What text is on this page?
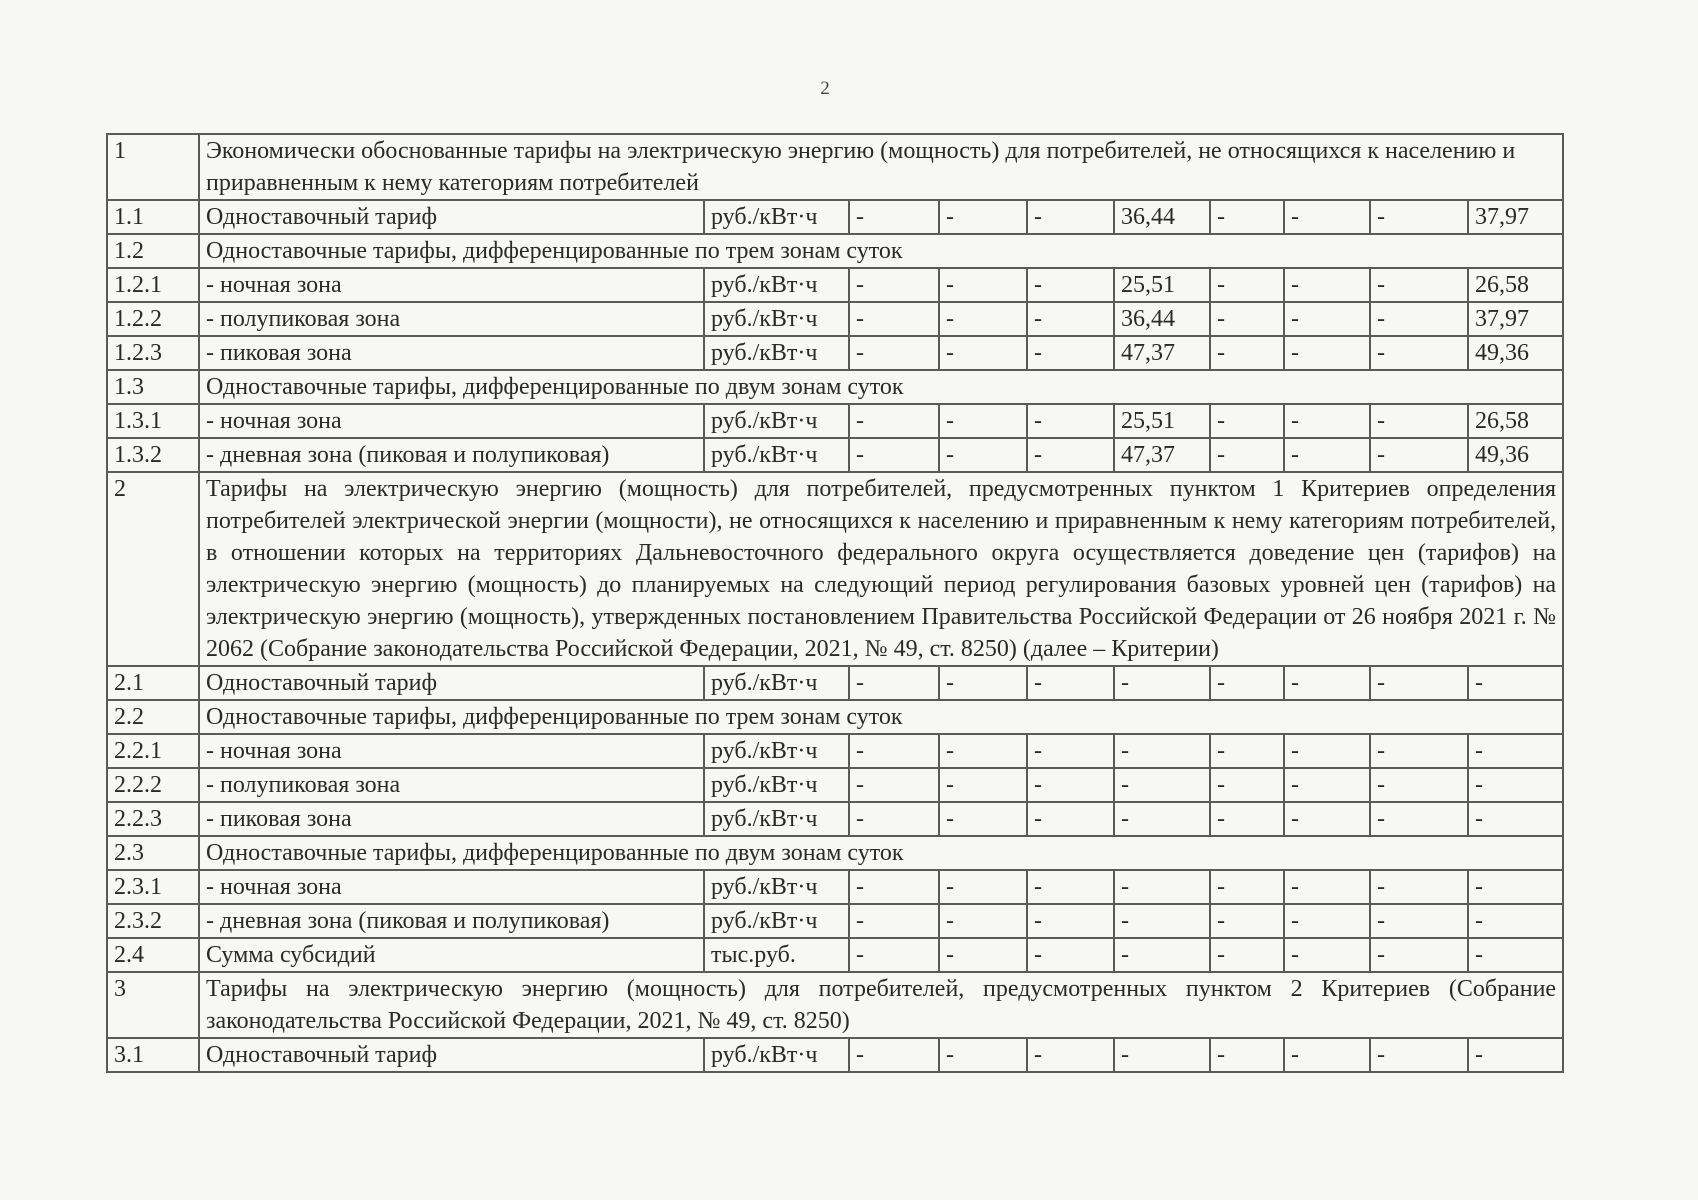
2
1	Экономически обоснованные тарифы на электрическую энергию (мощность) для потребителей, не относящихся к населению и приравненным к нему категориям потребителей									
1.1	Одноставочный тариф	руб./кВт·ч	-	-	-	36,44	-	-	-	37,97
1.2	Одноставочные тарифы, дифференцированные по трем зонам суток									
1.2.1	- ночная зона	руб./кВт·ч	-	-	-	25,51	-	-	-	26,58
1.2.2	- полупиковая зона	руб./кВт·ч	-	-	-	36,44	-	-	-	37,97
1.2.3	- пиковая зона	руб./кВт·ч	-	-	-	47,37	-	-	-	49,36
1.3	Одноставочные тарифы, дифференцированные по двум зонам суток									
1.3.1	- ночная зона	руб./кВт·ч	-	-	-	25,51	-	-	-	26,58
1.3.2	- дневная зона (пиковая и полупиковая)	руб./кВт·ч	-	-	-	47,37	-	-	-	49,36
2	Тарифы на электрическую энергию (мощность) для потребителей, предусмотренных пунктом 1 Критериев определения потребителей электрической энергии (мощности), не относящихся к населению и приравненным к нему категориям потребителей, в отношении которых на территориях Дальневосточного федерального округа осуществляется доведение цен (тарифов) на электрическую энергию (мощность) до планируемых на следующий период регулирования базовых уровней цен (тарифов) на электрическую энергию (мощность), утвержденных постановлением Правительства Российской Федерации от 26 ноября 2021 г. № 2062 (Собрание законодательства Российской Федерации, 2021, № 49, ст. 8250) (далее – Критерии)									
2.1	Одноставочный тариф	руб./кВт·ч	-	-	-	-	-	-	-	-
2.2	Одноставочные тарифы, дифференцированные по трем зонам суток									
2.2.1	- ночная зона	руб./кВт·ч	-	-	-	-	-	-	-	-
2.2.2	- полупиковая зона	руб./кВт·ч	-	-	-	-	-	-	-	-
2.2.3	- пиковая зона	руб./кВт·ч	-	-	-	-	-	-	-	-
2.3	Одноставочные тарифы, дифференцированные по двум зонам суток									
2.3.1	- ночная зона	руб./кВт·ч	-	-	-	-	-	-	-	-
2.3.2	- дневная зона (пиковая и полупиковая)	руб./кВт·ч	-	-	-	-	-	-	-	-
2.4	Сумма субсидий	тыс.руб.	-	-	-	-	-	-	-	-
3	Тарифы на электрическую энергию (мощность) для потребителей, предусмотренных пунктом 2 Критериев (Собрание законодательства Российской Федерации, 2021, № 49, ст. 8250)									
3.1	Одноставочный тариф	руб./кВт·ч	-	-	-	-	-	-	-	-
